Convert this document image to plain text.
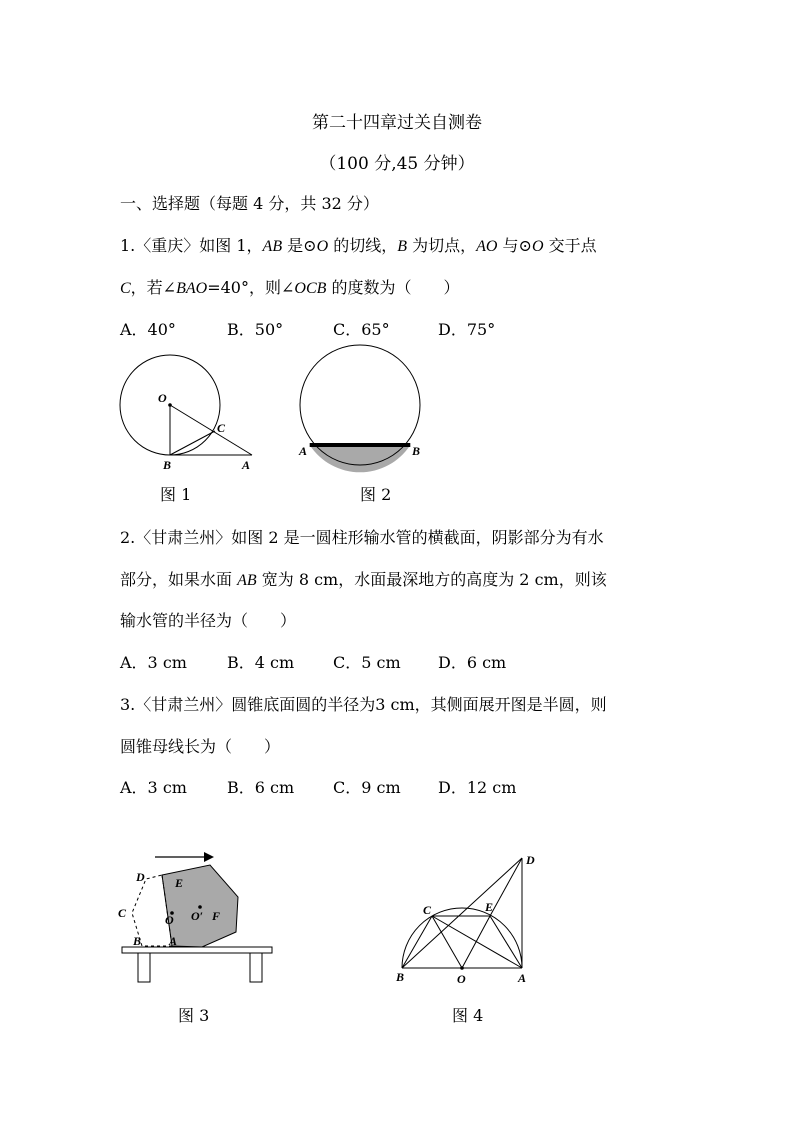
第二十四章过关自测卷
（100 分,45 分钟）
一、选择题（每题 4 分，共 32 分）
1.〈重庆〉如图 1，AB 是⊙O 的切线，B 为切点，AO 与⊙O 交于点
C，若∠BAO=40°，则∠OCB 的度数为（　　）
A．40°	B．50°	C．65°	D．75°
O
C
B	A
图 1
A	B
图 2
2.〈甘肃兰州〉如图 2 是一圆柱形输水管的横截面，阴影部分为有水
部分，如果水面 AB 宽为 8 cm，水面最深地方的高度为 2 cm，则该
输水管的半径为（　　）
A．3 cm	B．4 cm C．5 cm D．6 cm
3.〈甘肃兰州〉圆锥底面圆的半径为3 cm，其侧面展开图是半圆，则
圆锥母线长为（　　）
A．3 cm	B．6 cm C．9 cm D．12 cm
D	E
C	O O′ F
B A
图 3
D
C	E
B	O	A
图 4
